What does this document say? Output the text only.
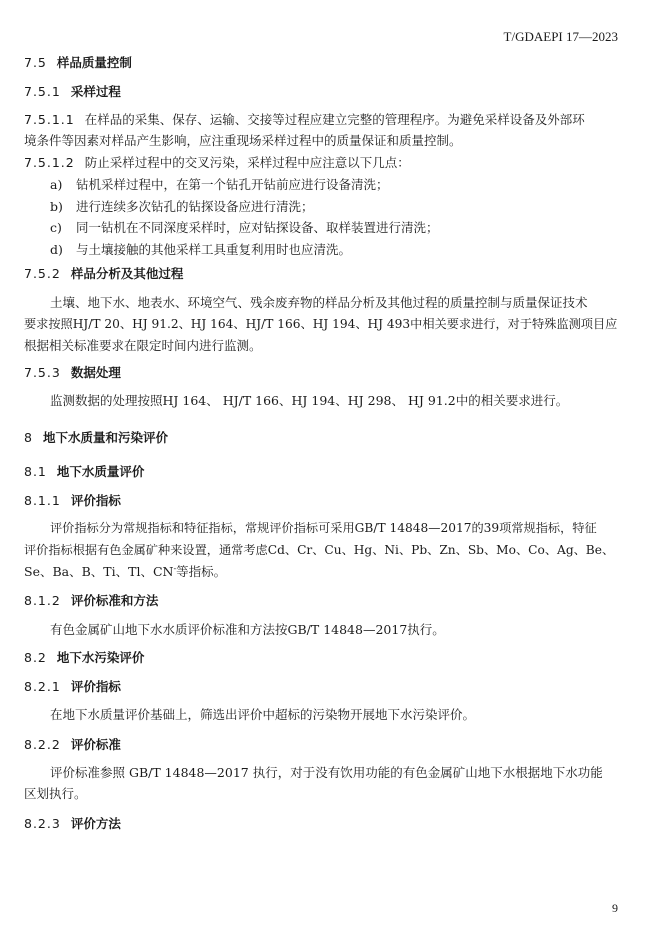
T/GDAEPI 17—2023
7.5 样品质量控制
7.5.1 采样过程
7.5.1.1 在样品的采集、保存、运输、交接等过程应建立完整的管理程序。为避免采样设备及外部环
境条件等因素对样品产生影响，应注重现场采样过程中的质量保证和质量控制。
7.5.1.2 防止采样过程中的交叉污染，采样过程中应注意以下几点：
a) 钻机采样过程中，在第一个钻孔开钻前应进行设备清洗；
b) 进行连续多次钻孔的钻探设备应进行清洗；
c) 同一钻机在不同深度采样时，应对钻探设备、取样装置进行清洗；
d) 与土壤接触的其他采样工具重复利用时也应清洗。
7.5.2 样品分析及其他过程
土壤、地下水、地表水、环境空气、残余废弃物的样品分析及其他过程的质量控制与质量保证技术
要求按照HJ/T 20、HJ 91.2、HJ 164、HJ/T 166、HJ 194、HJ 493中相关要求进行，对于特殊监测项目应
根据相关标准要求在限定时间内进行监测。
7.5.3 数据处理
监测数据的处理按照HJ 164、 HJ/T 166、HJ 194、HJ 298、 HJ 91.2中的相关要求进行。
8 地下水质量和污染评价
8.1 地下水质量评价
8.1.1 评价指标
评价指标分为常规指标和特征指标，常规评价指标可采用GB/T 14848—2017的39项常规指标，特征
评价指标根据有色金属矿种来设置，通常考虑Cd、Cr、Cu、Hg、Ni、Pb、Zn、Sb、Mo、Co、Ag、Be、
Se、Ba、B、Ti、Tl、CN-等指标。
8.1.2 评价标准和方法
有色金属矿山地下水水质评价标准和方法按GB/T 14848—2017执行。
8.2 地下水污染评价
8.2.1 评价指标
在地下水质量评价基础上，筛选出评价中超标的污染物开展地下水污染评价。
8.2.2 评价标准
评价标准参照 GB/T 14848—2017 执行，对于没有饮用功能的有色金属矿山地下水根据地下水功能
区划执行。
8.2.3 评价方法
9
